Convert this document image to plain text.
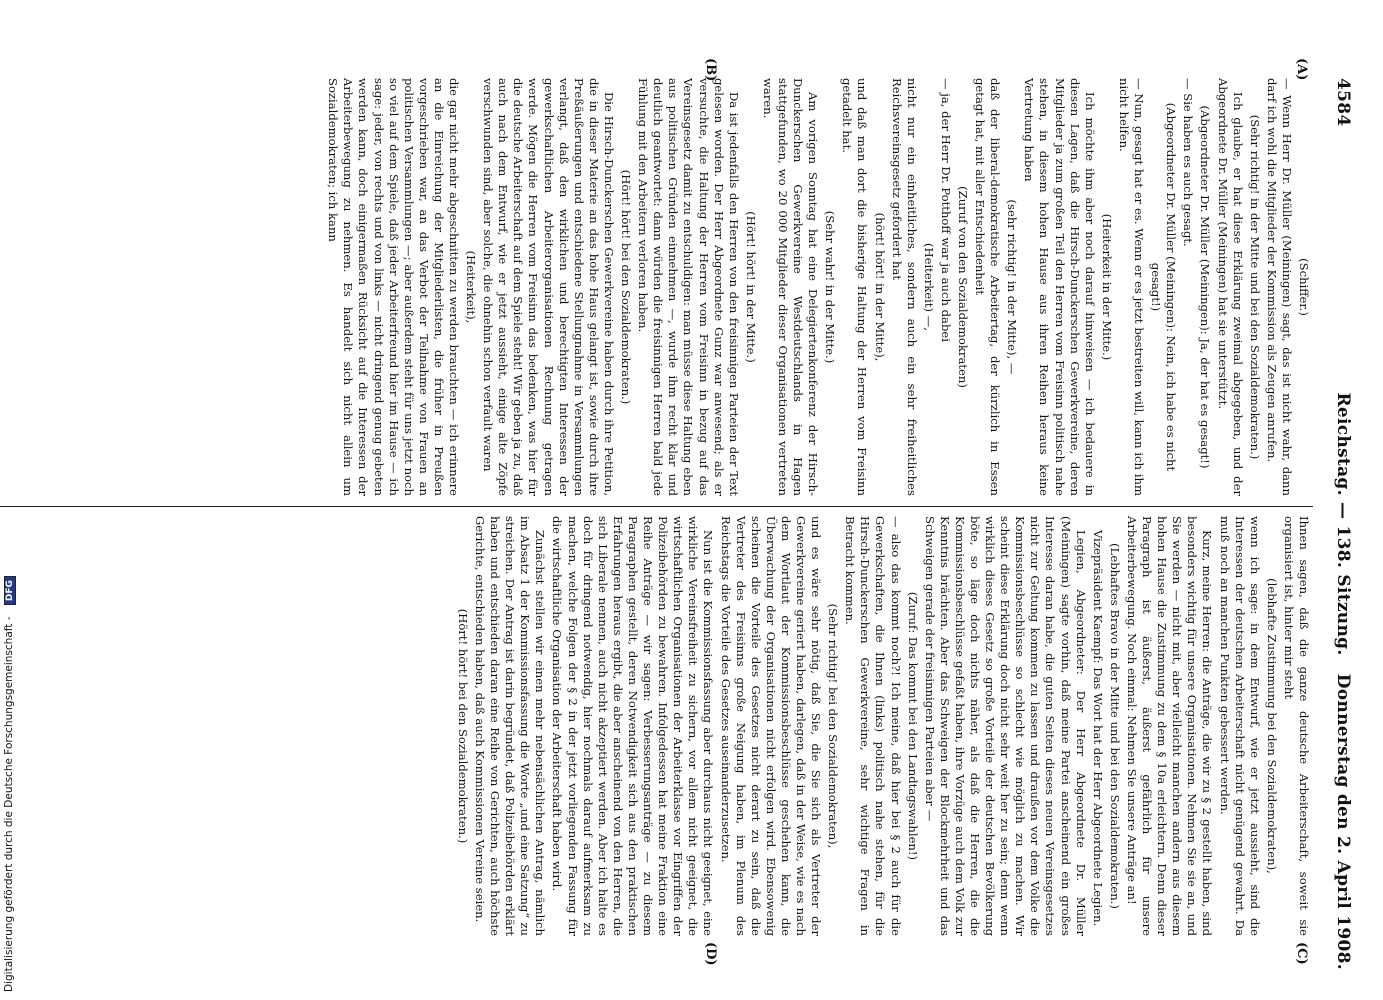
4584
Reichstag. — 138. Sitzung.
Donnerstag den 2. April 1908.
(A)
(B)
(C)
(D)

(Schiffer.)

— Wenn Herr Dr. Müller (Meiningen) sagt, das ist nicht wahr, dann darf ich wohl die Mitglieder der Kommission als Zeugen anrufen.

(Sehr richtig! in der Mitte und bei den Sozialdemokraten.)

Ich glaube, er hat diese Erklärung zweimal abgegeben, und der Abgeordnete Dr. Müller (Meiningen) hat sie unterstützt.

(Abgeordneter Dr. Müller (Meiningen): Ja, der hat es gesagt!)

— Sie haben es auch gesagt.

(Abgeordneter Dr. Müller (Meiningen): Nein, ich habe es nicht gesagt!)

— Nun, gesagt hat er es. Wenn er es jetzt bestreiten will, kann ich ihm nicht helfen.

(Heiterkeit in der Mitte.)

Ich möchte ihm aber noch darauf hinweisen — ich bedauere in diesen Lagen, daß die Hirsch-Dunckerschen Gewerkvereine, deren Mitglieder ja zum großen Teil den Herren vom Freisinn politisch nahe stehen, in diesem hohen Hause aus ihren Reihen heraus keine Vertretung haben

(sehr richtig! in der Mitte), —

daß der liberal-demokratische Arbeitertag, der kürzlich in Essen getagt hat, mit aller Entschiedenheit

(Zuruf von den Sozialdemokraten)

— ja, der Herr Dr. Potthoff war ja auch dabei

(Heiterkeit) —,

nicht nur ein einheitliches, sondern auch ein sehr freiheitliches Reichsvereinsgesetz gefordert hat

(hört! hört! in der Mitte),

und daß man dort die bisherige Haltung der Herren vom Freisinn getadelt hat.

(Sehr wahr! in der Mitte.)

Am vorigen Sonntag hat eine Delegiertenkonferenz der Hirsch-Dunckerschen Gewerkvereine Westdeutschlands in Hagen stattgefunden, wo 20 000 Mitglieder dieser Organisationen vertreten waren.

(Hört! hört! in der Mitte.)

Da ist jedenfalls den Herren von den freisinnigen Parteien der Text gelesen worden. Der Herr Abgeordnete Gunz war anwesend; als er versuchte, die Haltung der Herren vom Freisinn in bezug auf das Vereinsgesetz damit zu entschuldigen: man müsse diese Haltung eben aus politischen Gründen einnehmen —, wurde ihm recht klar und deutlich geantwortet: dann würden die freisinnigen Herren bald jede Fühlung mit den Arbeitern verloren haben.

(Hört! hört! bei den Sozialdemokraten.)

Die Hirsch-Dunckerschen Gewerkvereine haben durch ihre Petition, die in dieser Materie an das hohe Haus gelangt ist, sowie durch ihre Preßäußerungen und entschiedene Stellungnahme in Versammlungen verlangt, daß den wirklichen und berechtigten Interessen der gewerkschaftlichen Arbeiterorganisationen Rechnung getragen werde. Mögen die Herren vom Freisinn das bedenken, was hier für die deutsche Arbeiterschaft auf dem Spiele steht! Wir geben ja zu, daß auch nach dem Entwurf, wie er jetzt aussieht, einige alte Zöpfe verschwunden sind, aber solche, die ohnehin schon verfault waren

(Heiterkeit),

die gar nicht mehr abgeschnitten zu werden brauchten — ich erinnere an die Einreichung der Mitgliederlisten, die früher in Preußen vorgeschrieben war, an das Verbot der Teilnahme von Frauen an politischen Versammlungen —; aber außerdem steht für uns jetzt noch so viel auf dem Spiele, daß jeder Arbeiterfreund hier im Hause — ich sage: jeder, von rechts und von links — nicht dringend genug gebeten werden kann, doch einigermaßen Rücksicht auf die Interessen der Arbeiterbewegung zu nehmen. Es handelt sich nicht allein um Sozialdemokraten; ich kann

Ihnen sagen, daß die ganze deutsche Arbeiterschaft, soweit sie organisiert ist, hinter mir steht

(lebhafte Zustimmung bei den Sozialdemokraten),

wenn ich sage: in dem Entwurf, wie er jetzt aussieht, sind die Interessen der deutschen Arbeiterschaft nicht genügend gewahrt. Da muß noch an manchen Punkten gebessert werden.

Kurz, meine Herren: die Anträge, die wir zu § 2 gestellt haben, sind besonders wichtig für unsere Organisationen. Nehmen Sie sie an, und Sie werden — nicht mit, aber vielleicht manchen andern aus diesem hohen Hause die Zustimmung zu dem § 10a erleichtern. Denn dieser Paragraph ist äußerst, äußerst gefährlich für unsere Arbeiterbewegung. Noch einmal: Nehmen Sie unsere Anträge an!

(Lebhaftes Bravo in der Mitte und bei den Sozialdemokraten.)

Vizepräsident Kaempf: Das Wort hat der Herr Abgeordnete Legien.

Legien, Abgeordneter: Der Herr Abgeordnete Dr. Müller (Meiningen) sagte vorhin, daß meine Partei anscheinend ein großes Interesse daran habe, die guten Seiten dieses neuen Vereinsgesetzes nicht zur Geltung kommen zu lassen und draußen vor dem Volke die Kommissionsbeschlüsse so schlecht wie möglich zu machen. Wir scheint diese Erklärung doch nicht sehr weit her zu sein; denn wenn wirklich dieses Gesetz so große Vorteile der deutschen Bevölkerung böte, so läge doch nichts näher, als daß die Herren, die die Kommissionsbeschlüsse gefaßt haben, ihre Vorzüge auch dem Volk zur Kenntnis brächten. Aber das Schweigen der Blockmehrheit und das Schweigen gerade der freisinnigen Parteien aber —

(Zuruf: Das kommt bei den Landtagswahlen!)

— also das kommt noch?! Ich meine, daß hier bei § 2 auch für die Gewerkschaften, die Ihnen (links) politisch nahe stehen, für die Hirsch-Dunckerschen Gewerkvereine, sehr wichtige Fragen in Betracht kommen.

(Sehr richtig! bei den Sozialdemokraten),

und es wäre sehr nötig, daß Sie, die Sie sich als Vertreter der Gewerkvereine geriert haben, darlegen, daß in der Weise, wie es nach dem Wortlaut der Kommissionsbeschlüsse geschehen kann, die Überwachung der Organisationen nicht erfolgen wird. Ebensowenig scheinen die Vorteile des Gesetzes nicht derart zu sein, daß die Vertreter des Freisinns große Neigung haben, im Plenum des Reichstags die Vorteile des Gesetzes auseinanderzusetzen.

Nun ist die Kommissionsfassung aber durchaus nicht geeignet, eine wirkliche Vereinsfreiheit zu sichern, vor allem nicht geeignet, die wirtschaftlichen Organisationen der Arbeiterklasse vor Eingriffen der Polizeibehörden zu bewahren. Infolgedessen hat meine Fraktion eine Reihe Anträge — wir sagen: Verbesserungsanträge — zu diesem Paragraphen gestellt, deren Notwendigkeit sich aus den praktischen Erfahrungen heraus ergibt, die aber anscheinend von den Herren, die sich Liberale nennen, auch nicht akzeptiert werden. Aber ich halte es doch für dringend notwendig, hier nochmals darauf aufmerksam zu machen, welche Folgen der § 2 in der jetzt vorliegenden Fassung für die wirtschaftliche Organisation der Arbeiterschaft haben wird.

Zunächst stellen wir einen mehr nebensächlichen Antrag, nämlich im Absatz 1 der Kommissionsfassung die Worte „und eine Satzung“ zu streichen. Der Antrag ist darin begründet, daß Polizeibehörden erklärt haben und entschieden daran eine Reihe von Gerichten, auch höchste Gerichte, entschieden haben, daß auch Kommissionen Vereine seien.

(Hört! hört! bei den Sozialdemokraten.)

Digitalisierung gefördert durch die Deutsche Forschungsgemeinschaft - DFG
